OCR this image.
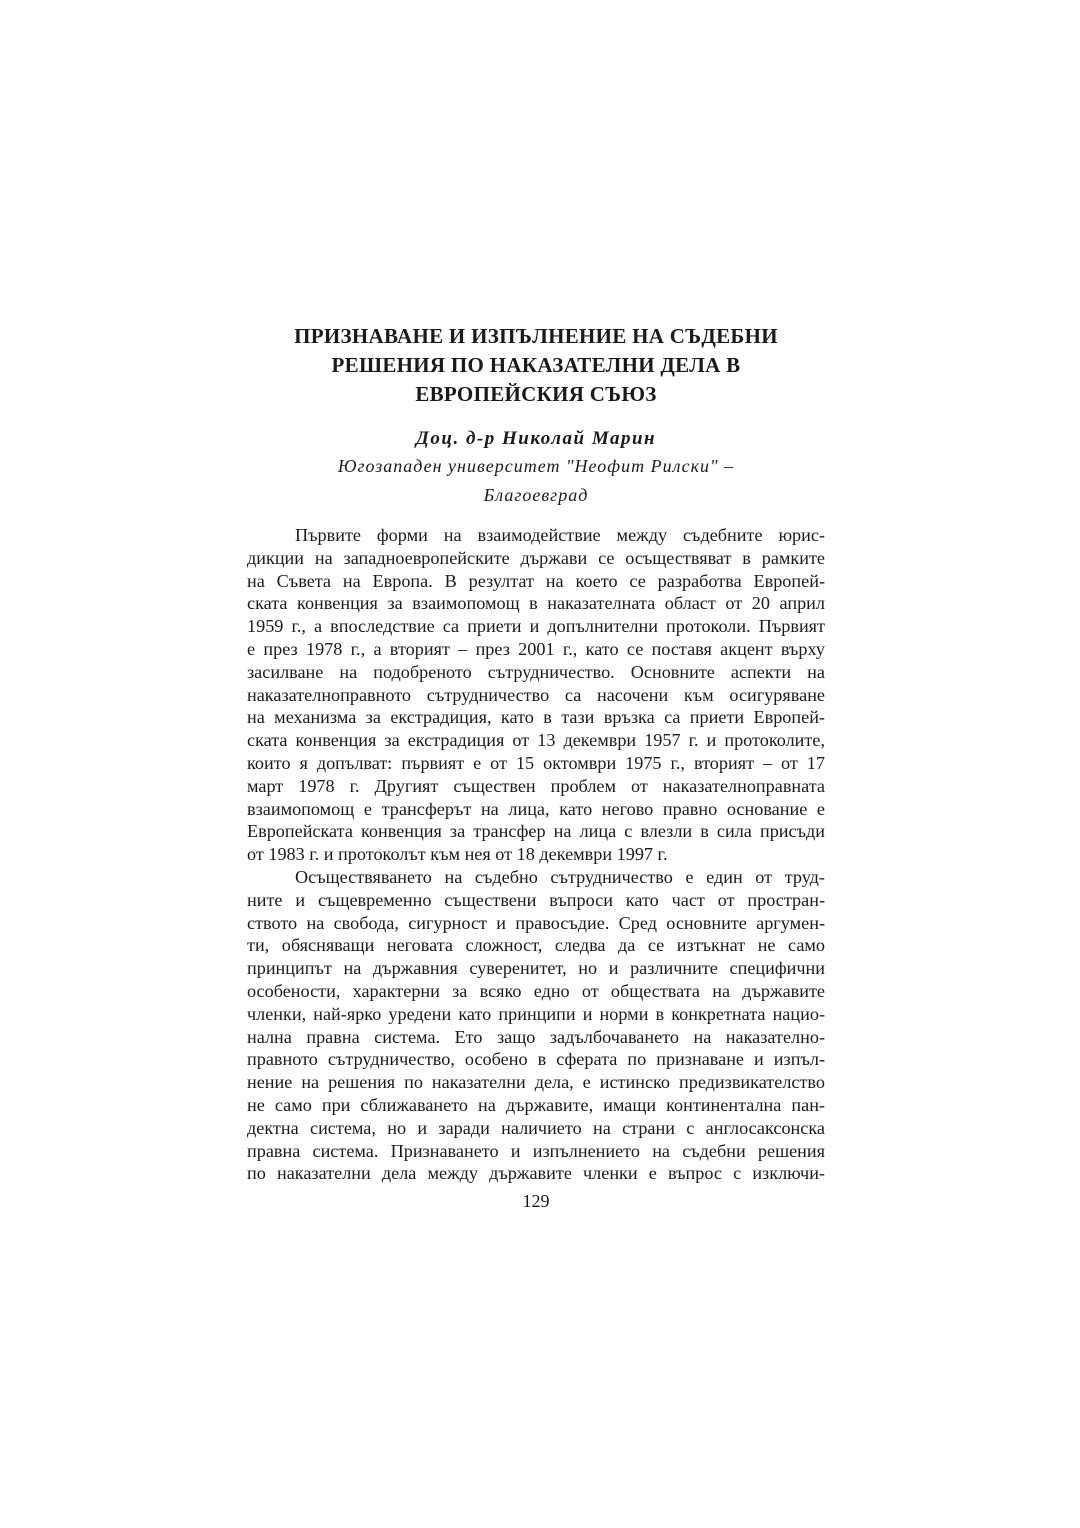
ПРИЗНАВАНЕ И ИЗПЪЛНЕНИЕ НА СЪДЕБНИ
РЕШЕНИЯ ПО НАКАЗАТЕЛНИ ДЕЛА В
ЕВРОПЕЙСКИЯ СЪЮЗ
Доц. д-р Николай Марин
Югозападен университет "Неофит Рилски" –
Благоевград

Първите форми на взаимодействие между съдебните юрис-
дикции на западноевропейските държави се осъществяват в рамките
на Съвета на Европа. В резултат на което се разработва Европей-
ската конвенция за взаимопомощ в наказателната област от 20 април
1959 г., а впоследствие са приети и допълнителни протоколи. Първият
е през 1978 г., а вторият – през 2001 г., като се поставя акцент върху
засилване на подобреното сътрудничество. Основните аспекти на
наказателноправното сътрудничество са насочени към осигуряване
на механизма за екстрадиция, като в тази връзка са приети Европей-
ската конвенция за екстрадиция от 13 декември 1957 г. и протоколите,
които я допълват: първият е от 15 октомври 1975 г., вторият – от 17
март 1978 г. Другият съществен проблем от наказателноправната
взаимопомощ е трансферът на лица, като негово правно основание е
Европейската конвенция за трансфер на лица с влезли в сила присъди
от 1983 г. и протоколът към нея от 18 декември 1997 г.

Осъществяването на съдебно сътрудничество е един от труд-
ните и същевременно съществени въпроси като част от простран-
ството на свобода, сигурност и правосъдие. Сред основните аргумен-
ти, обясняващи неговата сложност, следва да се изтъкнат не само
принципът на държавния суверенитет, но и различните специфични
особености, характерни за всяко едно от обществата на държавите
членки, най-ярко уредени като принципи и норми в конкретната нацио-
нална правна система. Ето защо задълбочаването на наказателно-
правното сътрудничество, особено в сферата по признаване и изпъл-
нение на решения по наказателни дела, е истинско предизвикателство
не само при сближаването на държавите, имащи континентална пан-
дектна система, но и заради наличието на страни с англосаксонска
правна система. Признаването и изпълнението на съдебни решения
по наказателни дела между държавите членки е въпрос с изключи-

129
